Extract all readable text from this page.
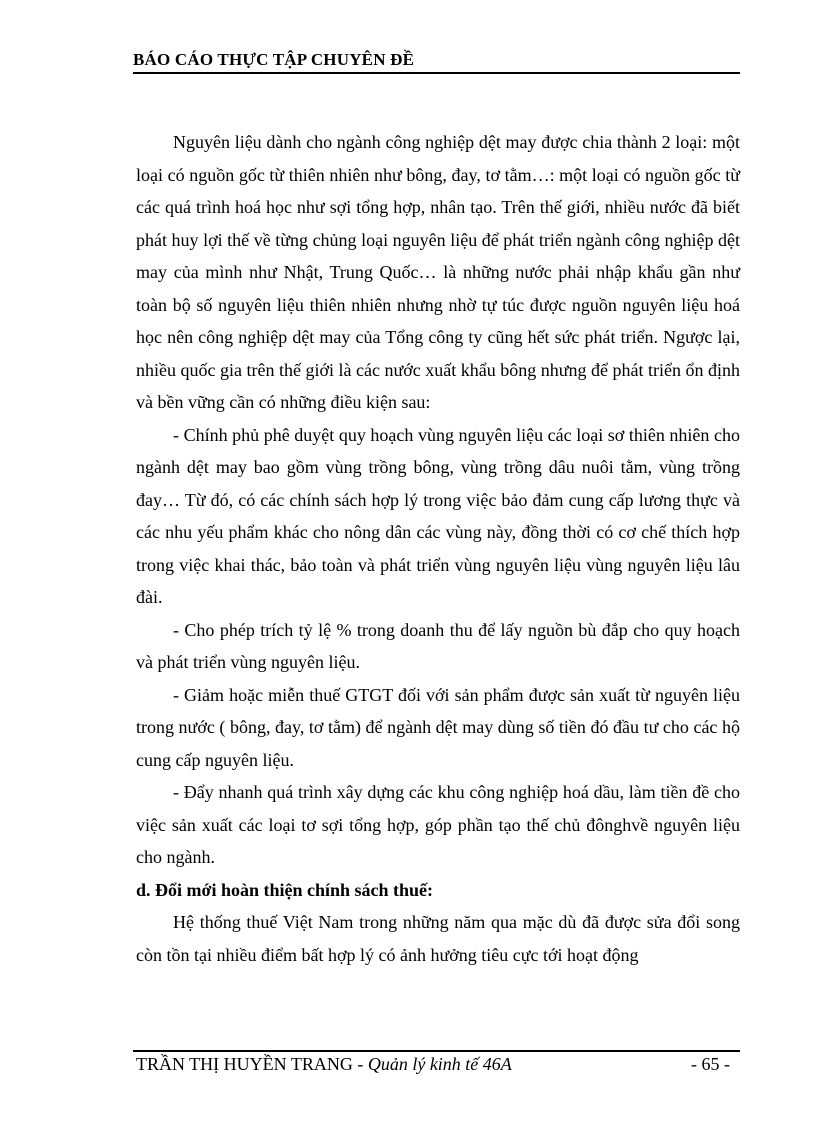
BÁO CÁO THỰC TẬP CHUYÊN ĐỀ

Nguyên liệu dành cho ngành công nghiệp dệt may được chia thành 2 loại: một loại có nguồn gốc từ thiên nhiên như bông, đay, tơ tằm…: một loại có nguồn gốc từ các quá trình hoá học như sợi tổng hợp, nhân tạo. Trên thế giới, nhiều nước đã biết phát huy lợi thế về từng chủng loại nguyên liệu để phát triển ngành công nghiệp dệt may của mình như Nhật, Trung Quốc… là những nước phải nhập khẩu gần như toàn bộ số nguyên liệu thiên nhiên nhưng nhờ tự túc được nguồn nguyên liệu hoá học nên công nghiệp dệt may của Tổng công ty cũng hết sức phát triển. Ngược lại, nhiều quốc gia trên thế giới là các nước xuất khẩu bông nhưng để phát triển ổn định và bền vững cần có những điều kiện sau:

- Chính phủ phê duyệt quy hoạch vùng nguyên liệu các loại sơ thiên nhiên cho ngành dệt may bao gồm vùng trồng bông, vùng trồng dâu nuôi tằm, vùng trồng đay… Từ đó, có các chính sách hợp lý trong việc bảo đảm cung cấp lương thực và các nhu yếu phẩm khác cho nông dân các vùng này, đồng thời có cơ chế thích hợp trong việc khai thác, bảo toàn và phát triển vùng nguyên liệu vùng nguyên liệu lâu đài.

- Cho phép trích tỷ lệ % trong doanh thu để lấy nguồn bù đắp cho quy hoạch và phát triển vùng nguyên liệu.

- Giảm hoặc miễn thuế GTGT đối với sản phẩm được sản xuất từ nguyên liệu trong nước ( bông, đay, tơ tằm) để ngành dệt may dùng số tiền đó đầu tư cho các hộ cung cấp nguyên liệu.

- Đẩy nhanh quá trình xây dựng các khu công nghiệp hoá dầu, làm tiền đề cho việc sản xuất các loại tơ sợi tổng hợp, góp phần tạo thế chủ đônghvề nguyên liệu cho ngành.

d. Đổi mới hoàn thiện chính sách thuế:

Hệ thống thuế Việt Nam trong những năm qua mặc dù đã được sửa đổi song còn tồn tại nhiều điểm bất hợp lý có ảnh hưởng tiêu cực tới hoạt động

TRẦN THỊ HUYỀN TRANG - Quản lý kinh tế 46A	- 65 -
